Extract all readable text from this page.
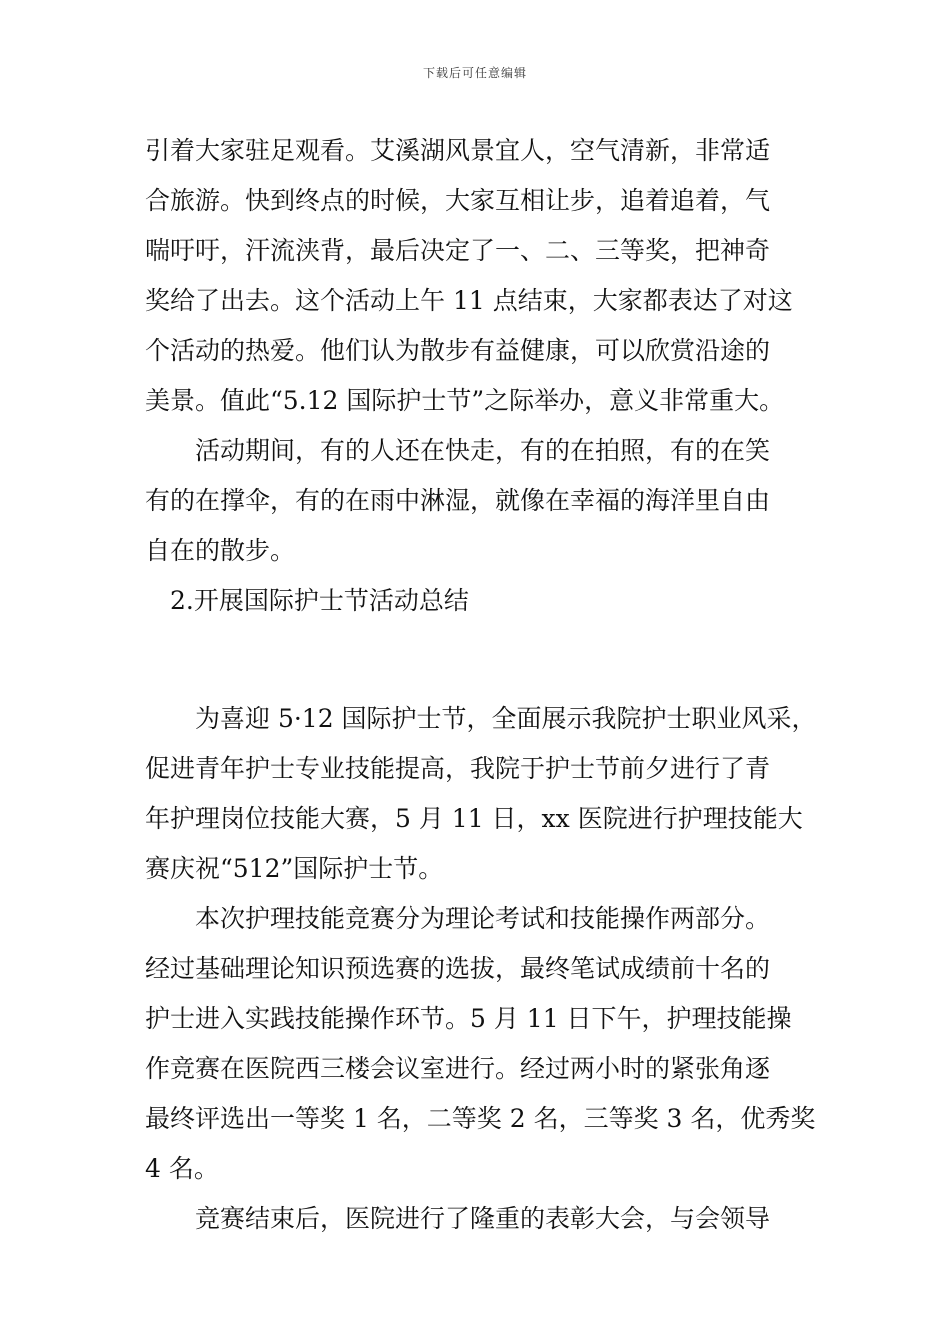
下载后可任意编辑

引着大家驻足观看。艾溪湖风景宜人，空气清新，非常适

合旅游。快到终点的时候，大家互相让步，追着追着，气

喘吁吁，汗流浃背，最后决定了一、二、三等奖，把神奇

奖给了出去。这个活动上午 11 点结束，大家都表达了对这

个活动的热爱。他们认为散步有益健康，可以欣赏沿途的

美景。值此“5.12 国际护士节”之际举办，意义非常重大。

活动期间，有的人还在快走，有的在拍照，有的在笑

有的在撑伞，有的在雨中淋湿，就像在幸福的海洋里自由

自在的散步。

2.开展国际护士节活动总结

为喜迎 5·12 国际护士节，全面展示我院护士职业风采，

促进青年护士专业技能提高，我院于护士节前夕进行了青

年护理岗位技能大赛，5 月 11 日，xx 医院进行护理技能大

赛庆祝“512”国际护士节。

本次护理技能竞赛分为理论考试和技能操作两部分。

经过基础理论知识预选赛的选拔，最终笔试成绩前十名的

护士进入实践技能操作环节。5 月 11 日下午，护理技能操

作竞赛在医院西三楼会议室进行。经过两小时的紧张角逐

最终评选出一等奖 1 名，二等奖 2 名，三等奖 3 名，优秀奖

4 名。

竞赛结束后，医院进行了隆重的表彰大会，与会领导
